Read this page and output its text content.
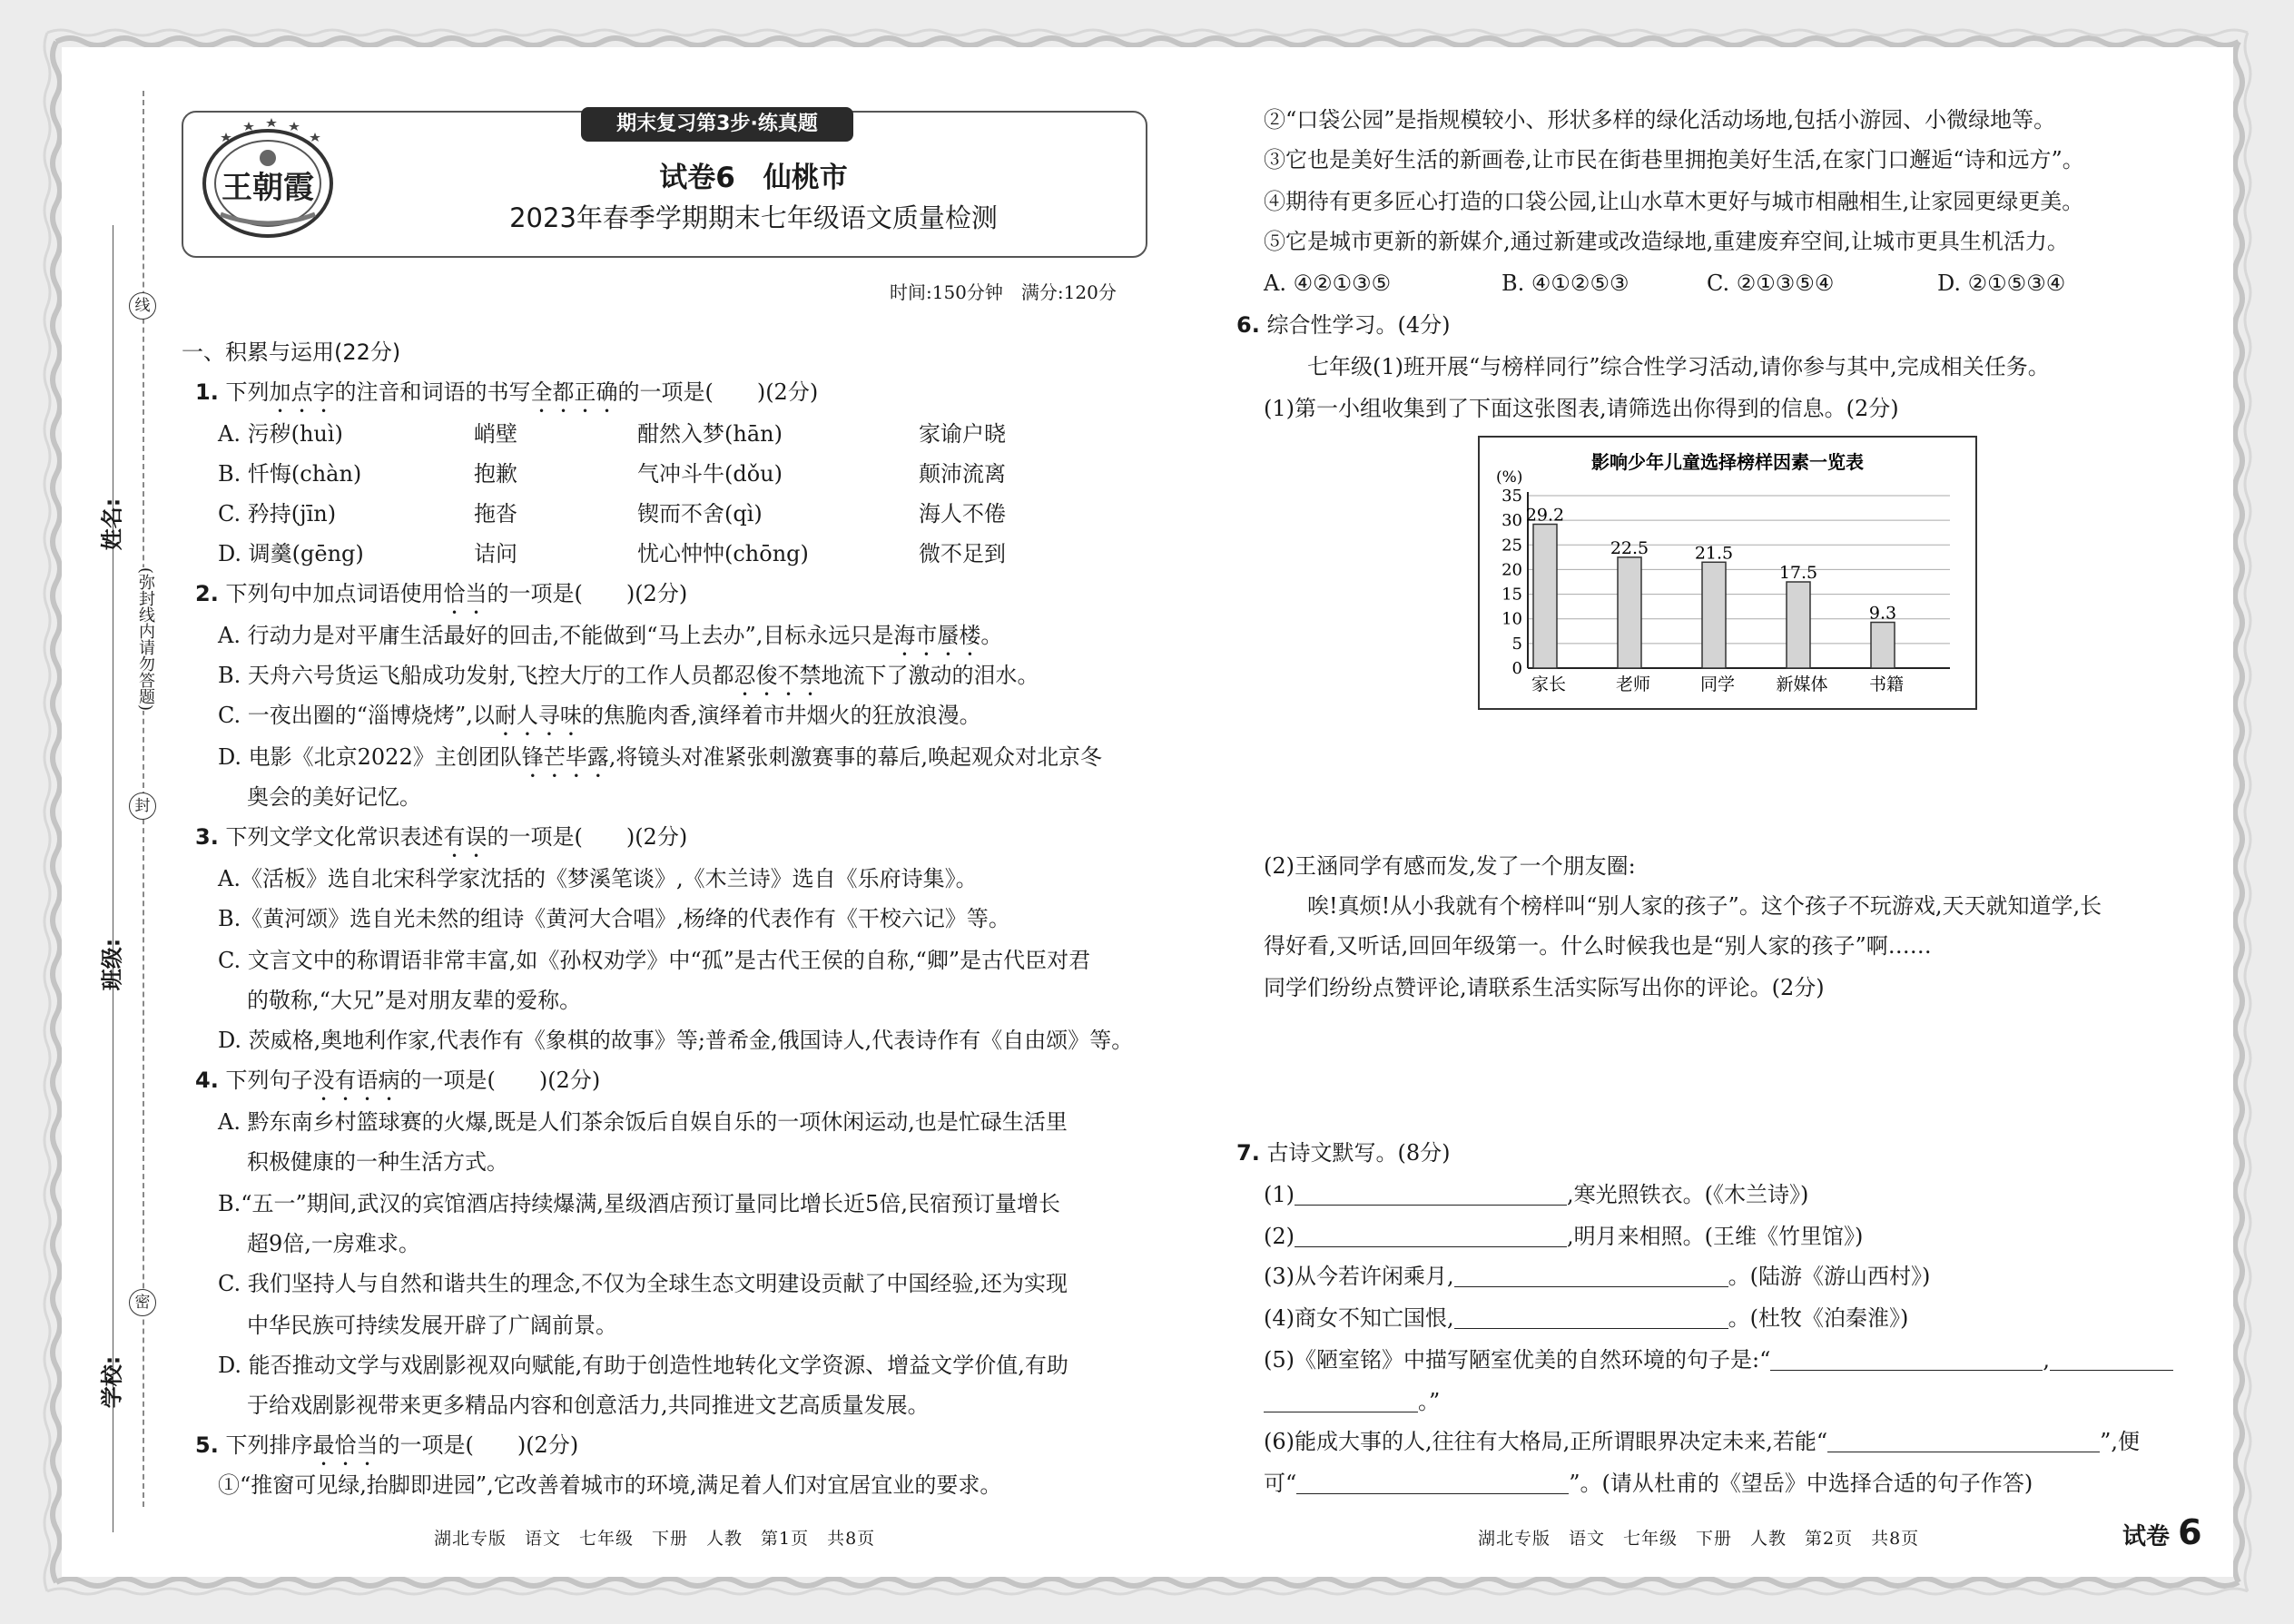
姓名:
班级:
学校:
线
封
密
(弥封线内请勿答题)
期末复习第3步·练真题
王朝霞	试卷6　仙桃市
2023年春季学期期末七年级语文质量检测
时间:150分钟　满分:120分
一、积累与运用(22分)
1. 下列加点字的注音和词语的书写全都正确的一项是(　　)(2分)
A. 污秽(huì)	峭壁	酣然入梦(hān)	家谕户晓
B. 忏悔(chàn)	抱歉	气冲斗牛(dǒu)	颠沛流离
C. 矜持(jīn)	拖沓	锲而不舍(qì)	海人不倦
D. 调羹(gēng)	诘问	忧心忡忡(chōng)	微不足到
2. 下列句中加点词语使用恰当的一项是(　　)(2分)
A. 行动力是对平庸生活最好的回击,不能做到“马上去办”,目标永远只是海市蜃楼。
B. 天舟六号货运飞船成功发射,飞控大厅的工作人员都忍俊不禁地流下了激动的泪水。
C. 一夜出圈的“淄博烧烤”,以耐人寻味的焦脆肉香,演绎着市井烟火的狂放浪漫。
D. 电影《北京2022》主创团队锋芒毕露,将镜头对准紧张刺激赛事的幕后,唤起观众对北京冬
奥会的美好记忆。
3. 下列文学文化常识表述有误的一项是(　　)(2分)
A.《活板》选自北宋科学家沈括的《梦溪笔谈》,《木兰诗》选自《乐府诗集》。
B.《黄河颂》选自光未然的组诗《黄河大合唱》,杨绛的代表作有《干校六记》等。
C. 文言文中的称谓语非常丰富,如《孙权劝学》中“孤”是古代王侯的自称,“卿”是古代臣对君
的敬称,“大兄”是对朋友辈的爱称。
D. 茨威格,奥地利作家,代表作有《象棋的故事》等;普希金,俄国诗人,代表诗作有《自由颂》等。
4. 下列句子没有语病的一项是(　　)(2分)
A. 黔东南乡村篮球赛的火爆,既是人们茶余饭后自娱自乐的一项休闲运动,也是忙碌生活里
积极健康的一种生活方式。
B.“五一”期间,武汉的宾馆酒店持续爆满,星级酒店预订量同比增长近5倍,民宿预订量增长
超9倍,一房难求。
C. 我们坚持人与自然和谐共生的理念,不仅为全球生态文明建设贡献了中国经验,还为实现
中华民族可持续发展开辟了广阔前景。
D. 能否推动文学与戏剧影视双向赋能,有助于创造性地转化文学资源、增益文学价值,有助
于给戏剧影视带来更多精品内容和创意活力,共同推进文艺高质量发展。
5. 下列排序最恰当的一项是(　　)(2分)
①“推窗可见绿,抬脚即进园”,它改善着城市的环境,满足着人们对宜居宜业的要求。
湖北专版　语文　七年级　下册　人教　第1页　共8页
②“口袋公园”是指规模较小、形状多样的绿化活动场地,包括小游园、小微绿地等。
③它也是美好生活的新画卷,让市民在街巷里拥抱美好生活,在家门口邂逅“诗和远方”。
④期待有更多匠心打造的口袋公园,让山水草木更好与城市相融相生,让家园更绿更美。
⑤它是城市更新的新媒介,通过新建或改造绿地,重建废弃空间,让城市更具生机活力。
A. ④②①③⑤	B. ④①②⑤③	C. ②①③⑤④	D. ②①⑤③④
6. 综合性学习。(4分)
七年级(1)班开展“与榜样同行”综合性学习活动,请你参与其中,完成相关任务。
(1)第一小组收集到了下面这张图表,请筛选出你得到的信息。(2分)
影响少年儿童选择榜样因素一览表
(%)
0
5
10
15
20
25
30
35
29.2
家长
22.5
老师
21.5
同学
17.5
新媒体
9.3
书籍
(2)王涵同学有感而发,发了一个朋友圈:
唉!真烦!从小我就有个榜样叫“别人家的孩子”。这个孩子不玩游戏,天天就知道学,长
得好看,又听话,回回年级第一。什么时候我也是“别人家的孩子”啊……
同学们纷纷点赞评论,请联系生活实际写出你的评论。(2分)
7. 古诗文默写。(8分)
(1)	,寒光照铁衣。(《木兰诗》)
(2)	,明月来相照。(王维《竹里馆》)
(3)从今若许闲乘月,	。(陆游《游山西村》)
(4)商女不知亡国恨,	。(杜牧《泊秦淮》)
(5)《陋室铭》中描写陋室优美的自然环境的句子是:“	,
。”
(6)能成大事的人,往往有大格局,正所谓眼界决定未来,若能“	”,便
可“	”。(请从杜甫的《望岳》中选择合适的句子作答)
湖北专版　语文　七年级　下册　人教　第2页　共8页	试卷 6
